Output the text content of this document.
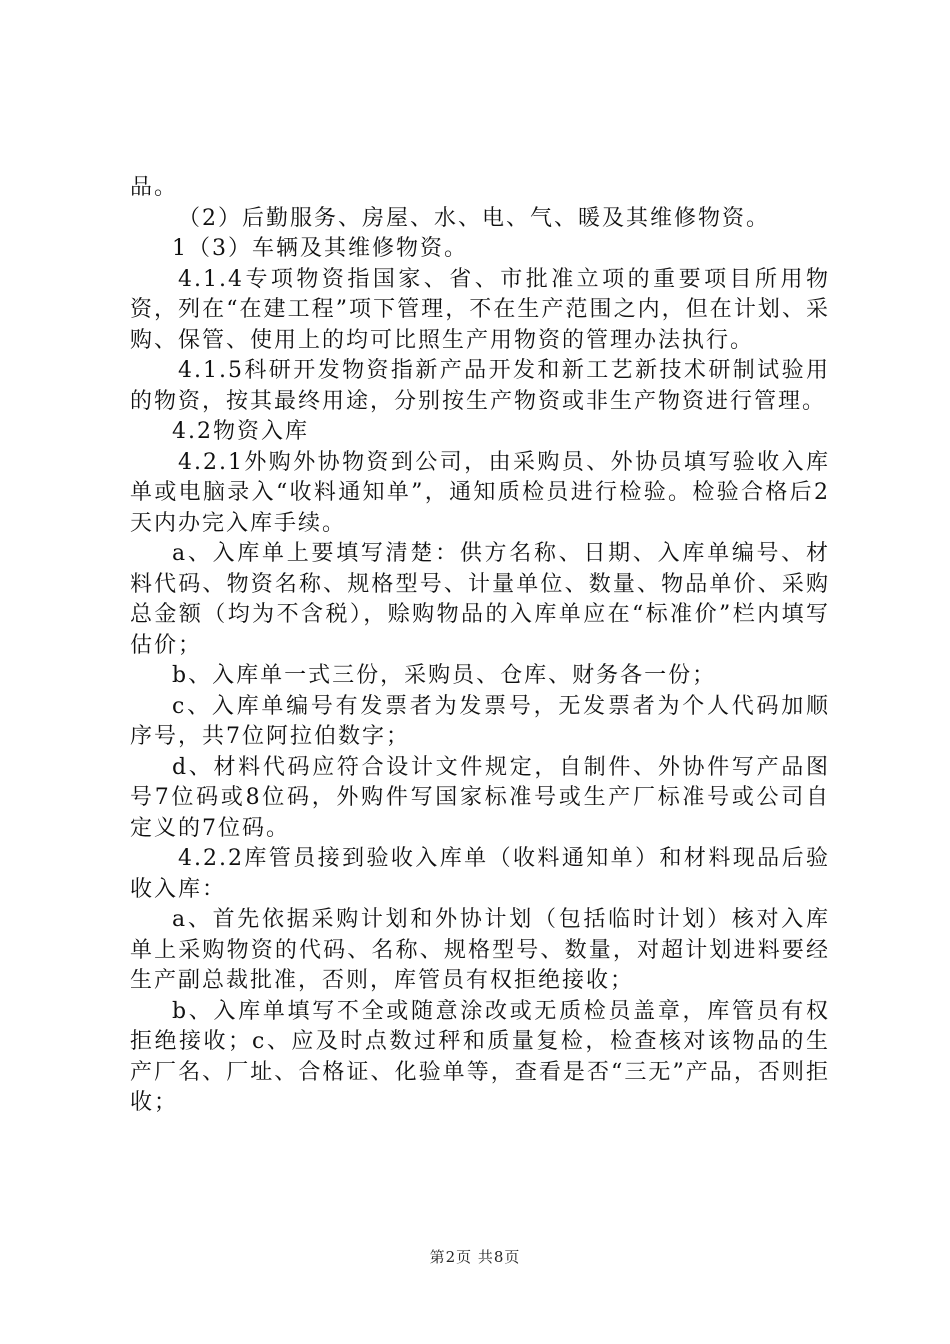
品。

（2）后勤服务、房屋、水、电、气、暖及其维修物资。

1（3）车辆及其维修物资。

4.1.4专项物资指国家、省、市批准立项的重要项目所用物资，列在“在建工程”项下管理，不在生产范围之内，但在计划、采购、保管、使用上的均可比照生产用物资的管理办法执行。

4.1.5科研开发物资指新产品开发和新工艺新技术研制试验用的物资，按其最终用途，分别按生产物资或非生产物资进行管理。

4.2物资入库

4.2.1外购外协物资到公司，由采购员、外协员填写验收入库单或电脑录入“收料通知单”，通知质检员进行检验。检验合格后2天内办完入库手续。

a、入库单上要填写清楚：供方名称、日期、入库单编号、材料代码、物资名称、规格型号、计量单位、数量、物品单价、采购总金额（均为不含税），赊购物品的入库单应在“标准价”栏内填写估价；

b、入库单一式三份，采购员、仓库、财务各一份；

c、入库单编号有发票者为发票号，无发票者为个人代码加顺序号，共7位阿拉伯数字；

d、材料代码应符合设计文件规定，自制件、外协件写产品图号7位码或8位码，外购件写国家标准号或生产厂标准号或公司自定义的7位码。

4.2.2库管员接到验收入库单（收料通知单）和材料现品后验收入库：

a、首先依据采购计划和外协计划（包括临时计划）核对入库单上采购物资的代码、名称、规格型号、数量，对超计划进料要经生产副总裁批准，否则，库管员有权拒绝接收；

b、入库单填写不全或随意涂改或无质检员盖章，库管员有权拒绝接收；c、应及时点数过秤和质量复检，检查核对该物品的生产厂名、厂址、合格证、化验单等，查看是否“三无”产品，否则拒收；

第2页 共8页
